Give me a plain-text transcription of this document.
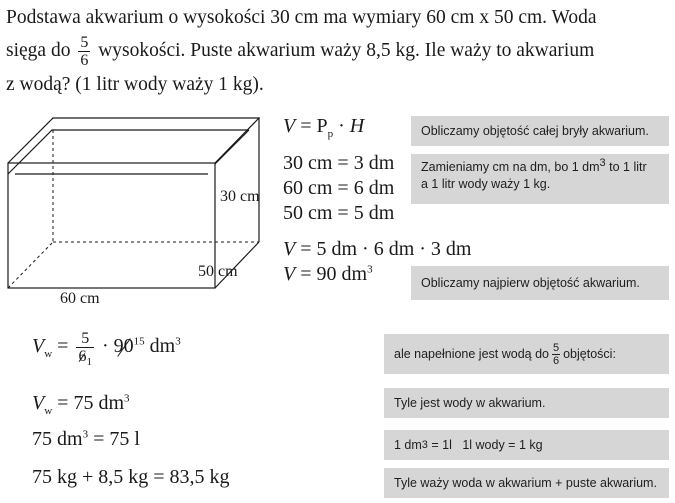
Podstawa akwarium o wysokości 30 cm ma wymiary 60 cm x 50 cm. Woda
sięga do $\frac{5}{6}$ wysokości. Puste akwarium waży 8,5 kg. Ile waży to akwarium
z wodą? (1 litr wody waży 1 kg).
30 cm
50 cm
60 cm
$V = P_p \cdot H$
30 cm = 3 dm
60 cm = 6 dm
50 cm = 5 dm
V = 5 dm · 6 dm · 3 dm
V = 90 $dm^3$
$V_w = \frac{5}{6_1} \cdot 90^{15}$ $dm^3$
$V_w = 75$ $dm^3$
75 $dm^3 = 75$ l
75 kg + 8,5 kg = 83,5 kg
Obliczamy objętość całej bryły akwarium.
Zamieniamy cm na dm, bo 1 $dm^3$ to 1 litr
a 1 litr wody waży 1 kg.
Obliczamy najpierw objętość akwarium.
ale napełnione jest wodą do $\frac{5}{6}$ objętości:
Tyle jest wody w akwarium.
1 dm 3 = 1l   1l wody = 1 kg
Tyle waży woda w akwarium + puste akwarium.
